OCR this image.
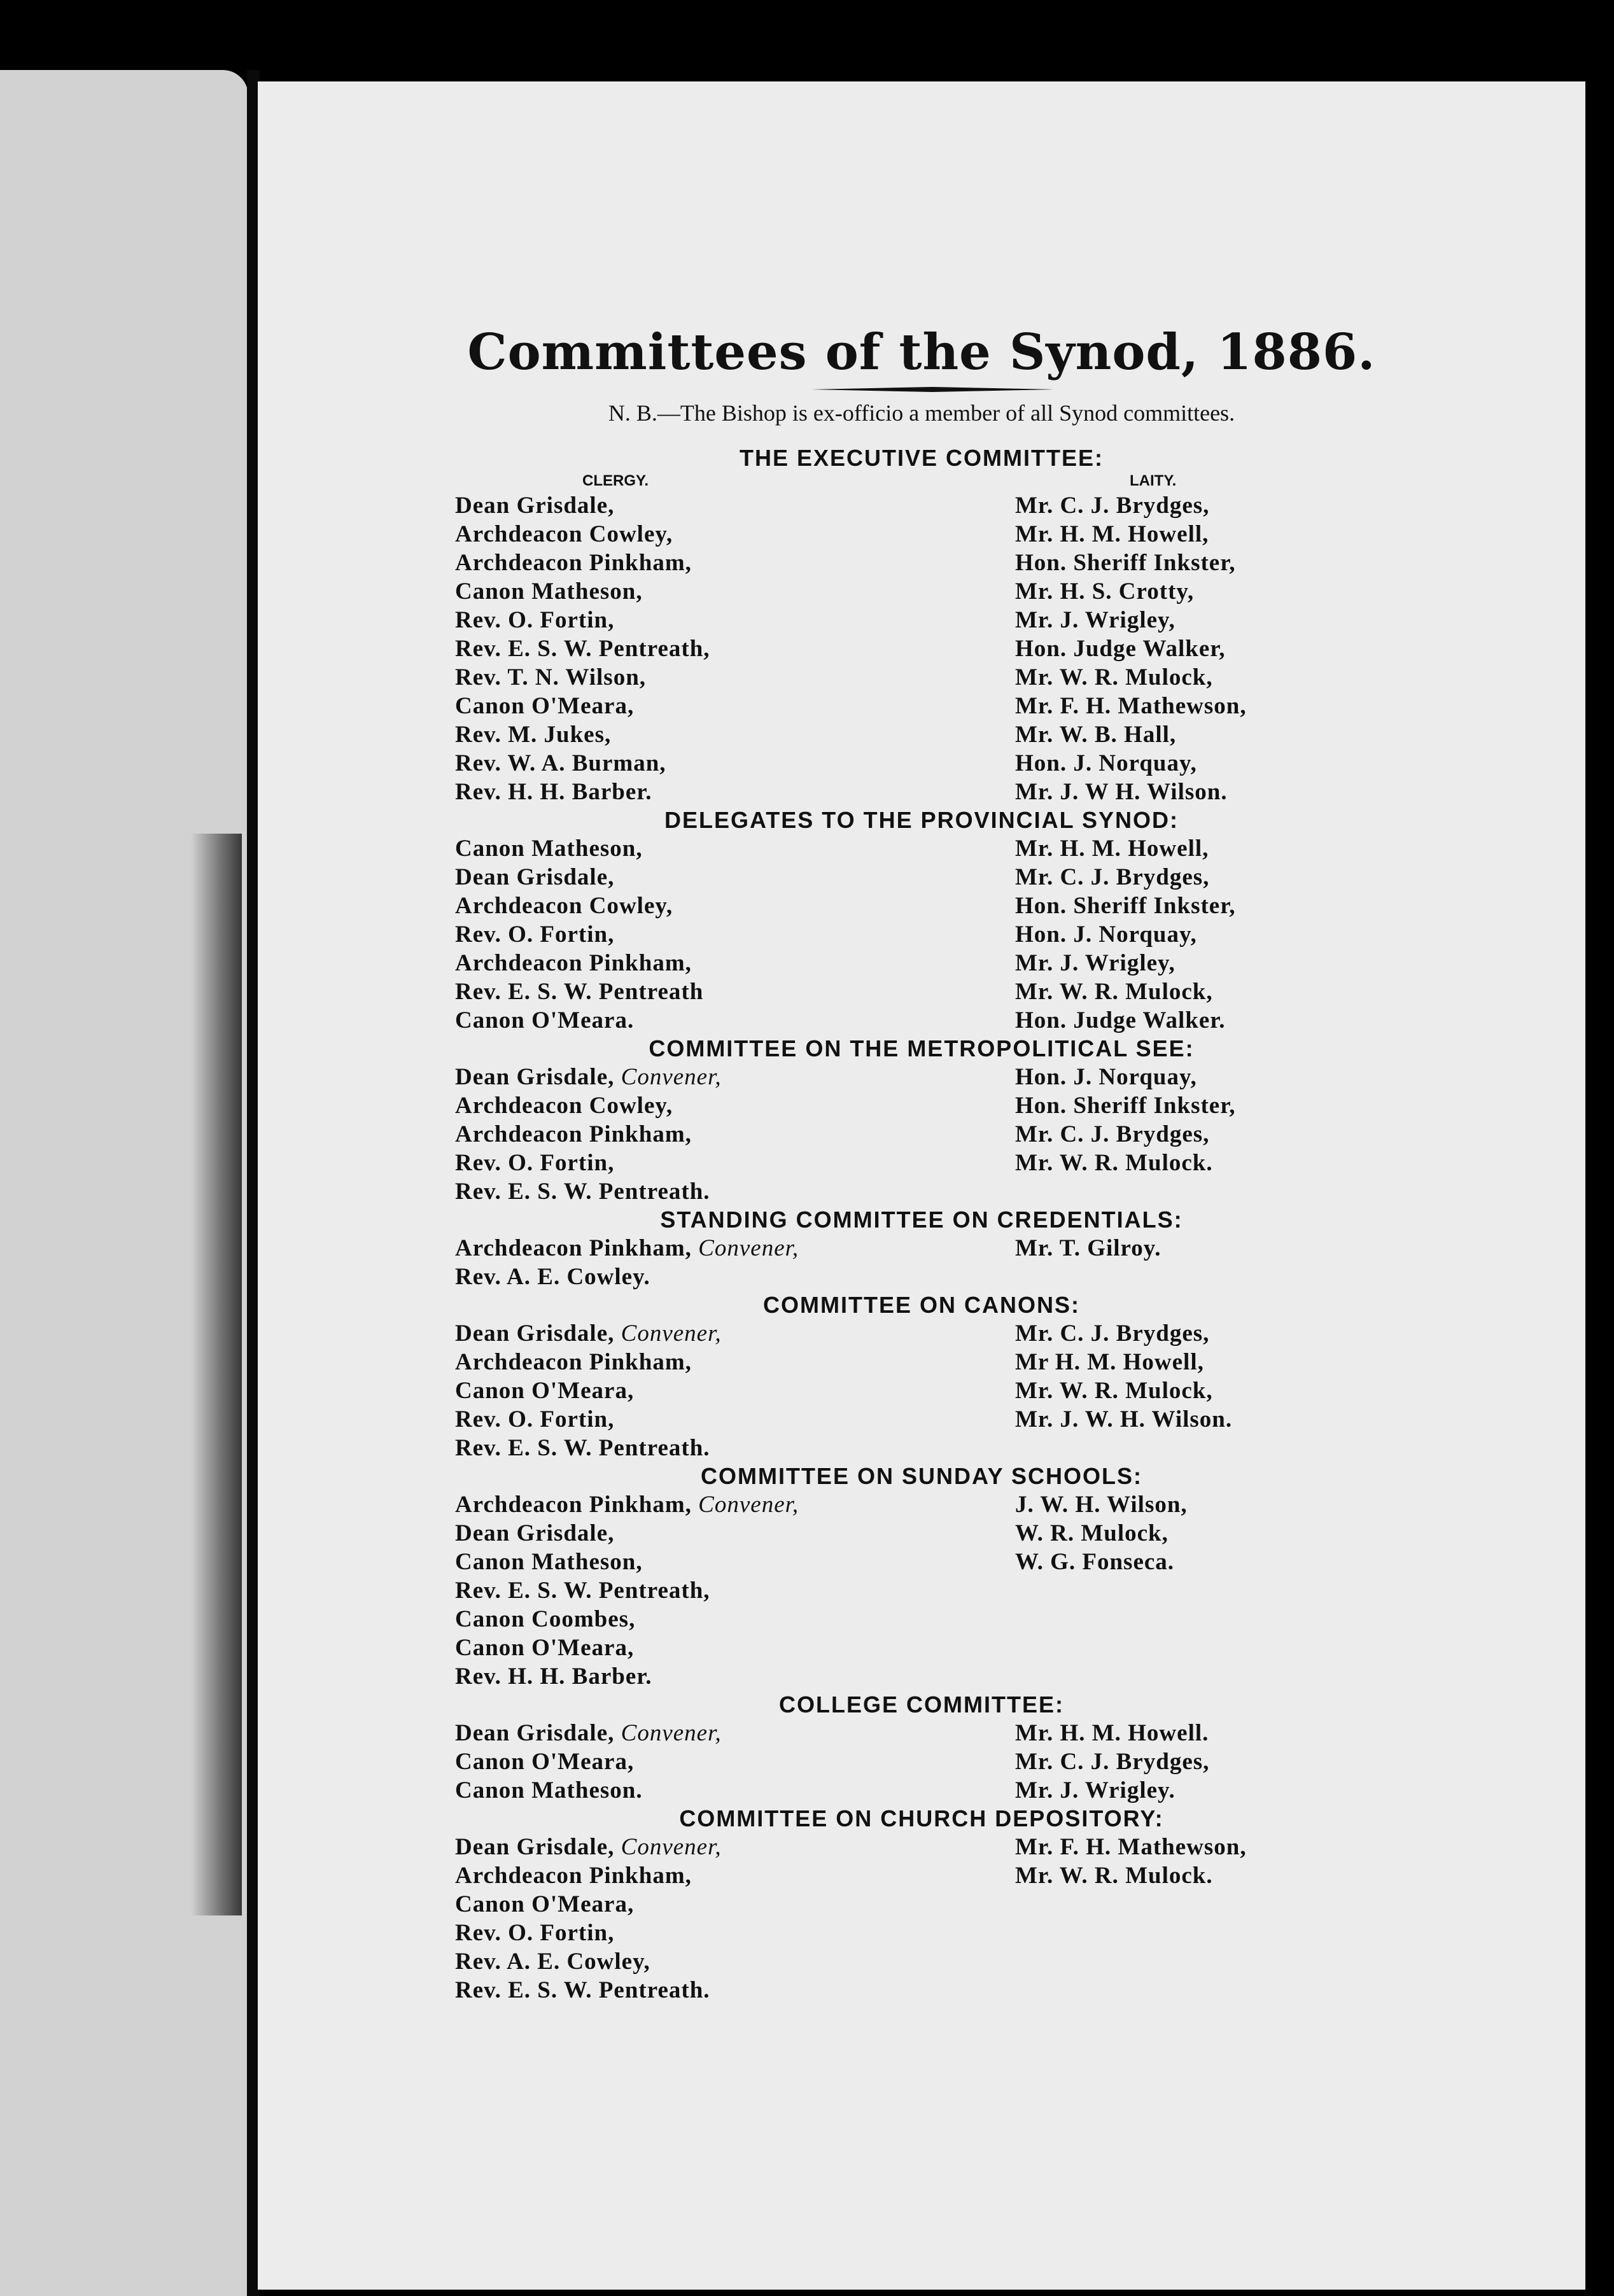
Committees of the Synod, 1886.
N. B.—The Bishop is ex-officio a member of all Synod committees.
THE EXECUTIVE COMMITTEE:
CLERGY.	LAITY.
Dean Grisdale,
Archdeacon Cowley,
Archdeacon Pinkham,
Canon Matheson,
Rev. O. Fortin,
Rev. E. S. W. Pentreath,
Rev. T. N. Wilson,
Canon O'Meara,
Rev. M. Jukes,
Rev. W. A. Burman,
Rev. H. H. Barber.
Mr. C. J. Brydges,
Mr. H. M. Howell,
Hon. Sheriff Inkster,
Mr. H. S. Crotty,
Mr. J. Wrigley,
Hon. Judge Walker,
Mr. W. R. Mulock,
Mr. F. H. Mathewson,
Mr. W. B. Hall,
Hon. J. Norquay,
Mr. J. W H. Wilson.
DELEGATES TO THE PROVINCIAL SYNOD:
Canon Matheson,
Dean Grisdale,
Archdeacon Cowley,
Rev. O. Fortin,
Archdeacon Pinkham,
Rev. E. S. W. Pentreath
Canon O'Meara.
Mr. H. M. Howell,
Mr. C. J. Brydges,
Hon. Sheriff Inkster,
Hon. J. Norquay,
Mr. J. Wrigley,
Mr. W. R. Mulock,
Hon. Judge Walker.
COMMITTEE ON THE METROPOLITICAL SEE:
Dean Grisdale, Convener,
Archdeacon Cowley,
Archdeacon Pinkham,
Rev. O. Fortin,
Rev. E. S. W. Pentreath.
Hon. J. Norquay,
Hon. Sheriff Inkster,
Mr. C. J. Brydges,
Mr. W. R. Mulock.
STANDING COMMITTEE ON CREDENTIALS:
Archdeacon Pinkham, Convener,
Rev. A. E. Cowley.
Mr. T. Gilroy.
COMMITTEE ON CANONS:
Dean Grisdale, Convener,
Archdeacon Pinkham,
Canon O'Meara,
Rev. O. Fortin,
Rev. E. S. W. Pentreath.
Mr. C. J. Brydges,
Mr H. M. Howell,
Mr. W. R. Mulock,
Mr. J. W. H. Wilson.
COMMITTEE ON SUNDAY SCHOOLS:
Archdeacon Pinkham, Convener,
Dean Grisdale,
Canon Matheson,
Rev. E. S. W. Pentreath,
Canon Coombes,
Canon O'Meara,
Rev. H. H. Barber.
J. W. H. Wilson,
W. R. Mulock,
W. G. Fonseca.
COLLEGE COMMITTEE:
Dean Grisdale, Convener,
Canon O'Meara,
Canon Matheson.
Mr. H. M. Howell.
Mr. C. J. Brydges,
Mr. J. Wrigley.
COMMITTEE ON CHURCH DEPOSITORY:
Dean Grisdale, Convener,
Archdeacon Pinkham,
Canon O'Meara,
Rev. O. Fortin,
Rev. A. E. Cowley,
Rev. E. S. W. Pentreath.
Mr. F. H. Mathewson,
Mr. W. R. Mulock.
